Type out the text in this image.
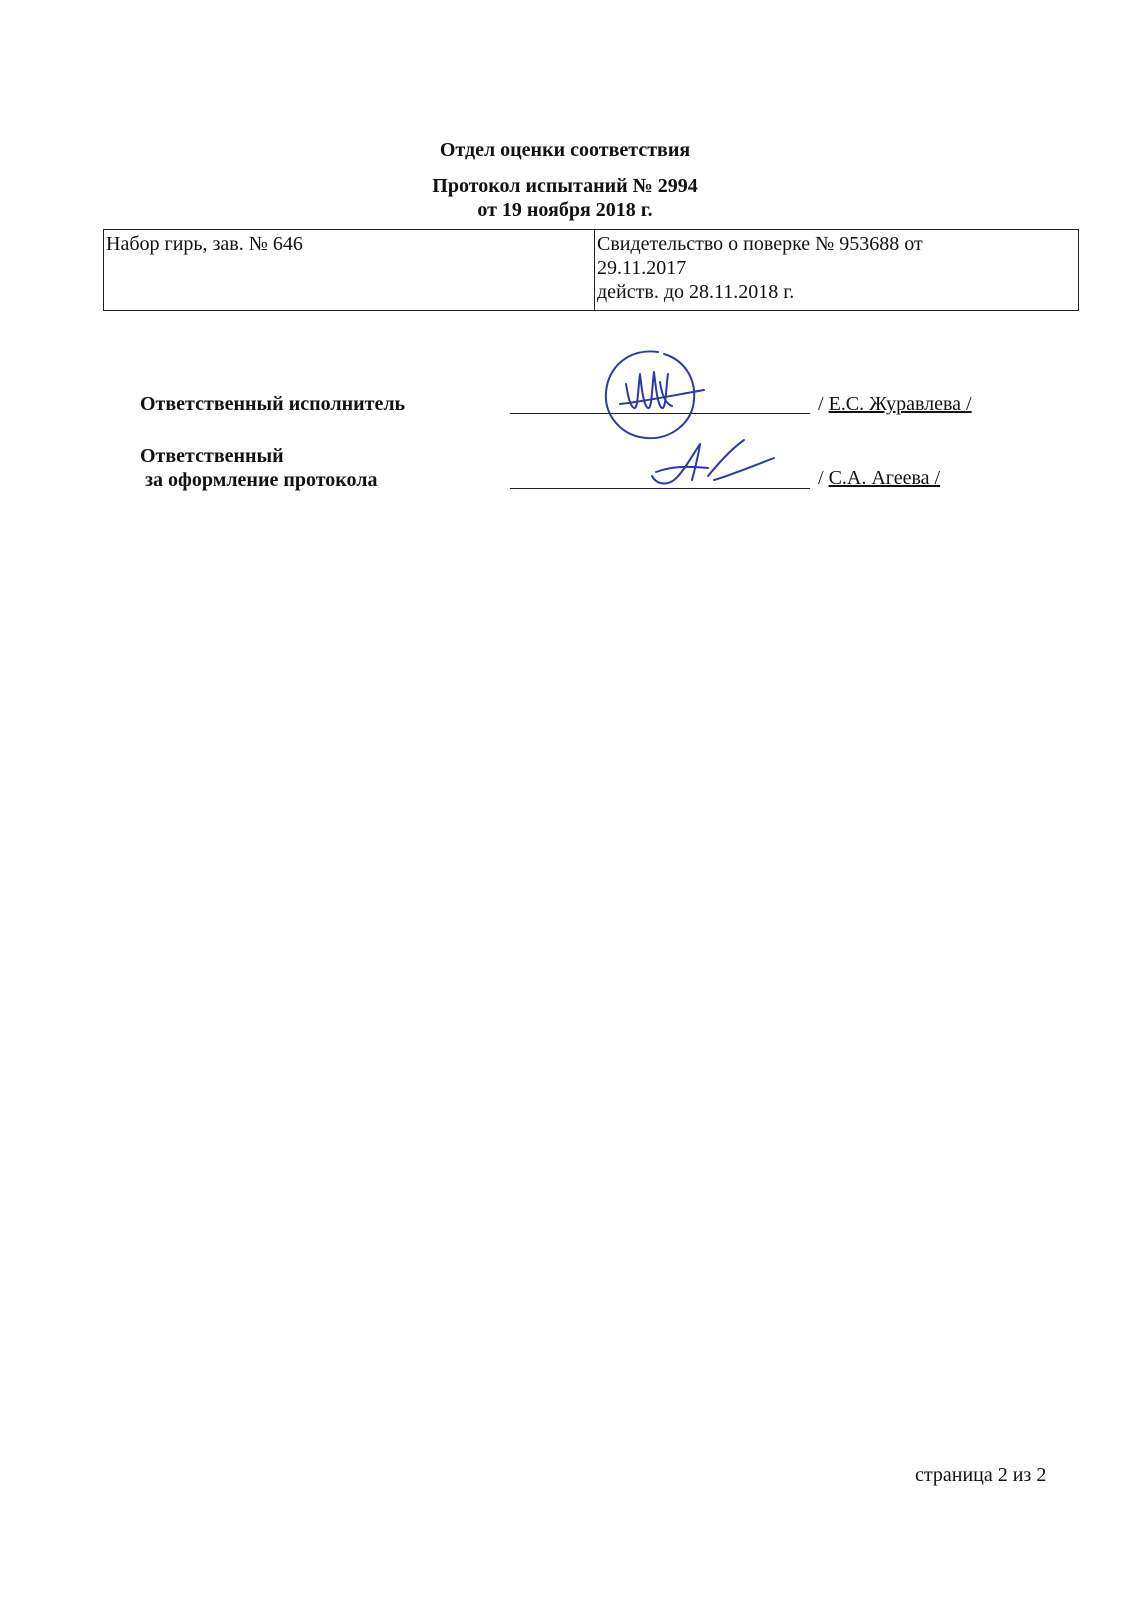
Отдел оценки соответствия
Протокол испытаний № 2994
от 19 ноября 2018 г.
Набор гирь, зав. № 646	Свидетельство о поверке № 953688 от
29.11.2017
действ. до 28.11.2018 г.
Ответственный исполнитель	/ Е.С. Журавлева /
Ответственный
за оформление протокола	/ С.А. Агеева /
страница 2 из 2
